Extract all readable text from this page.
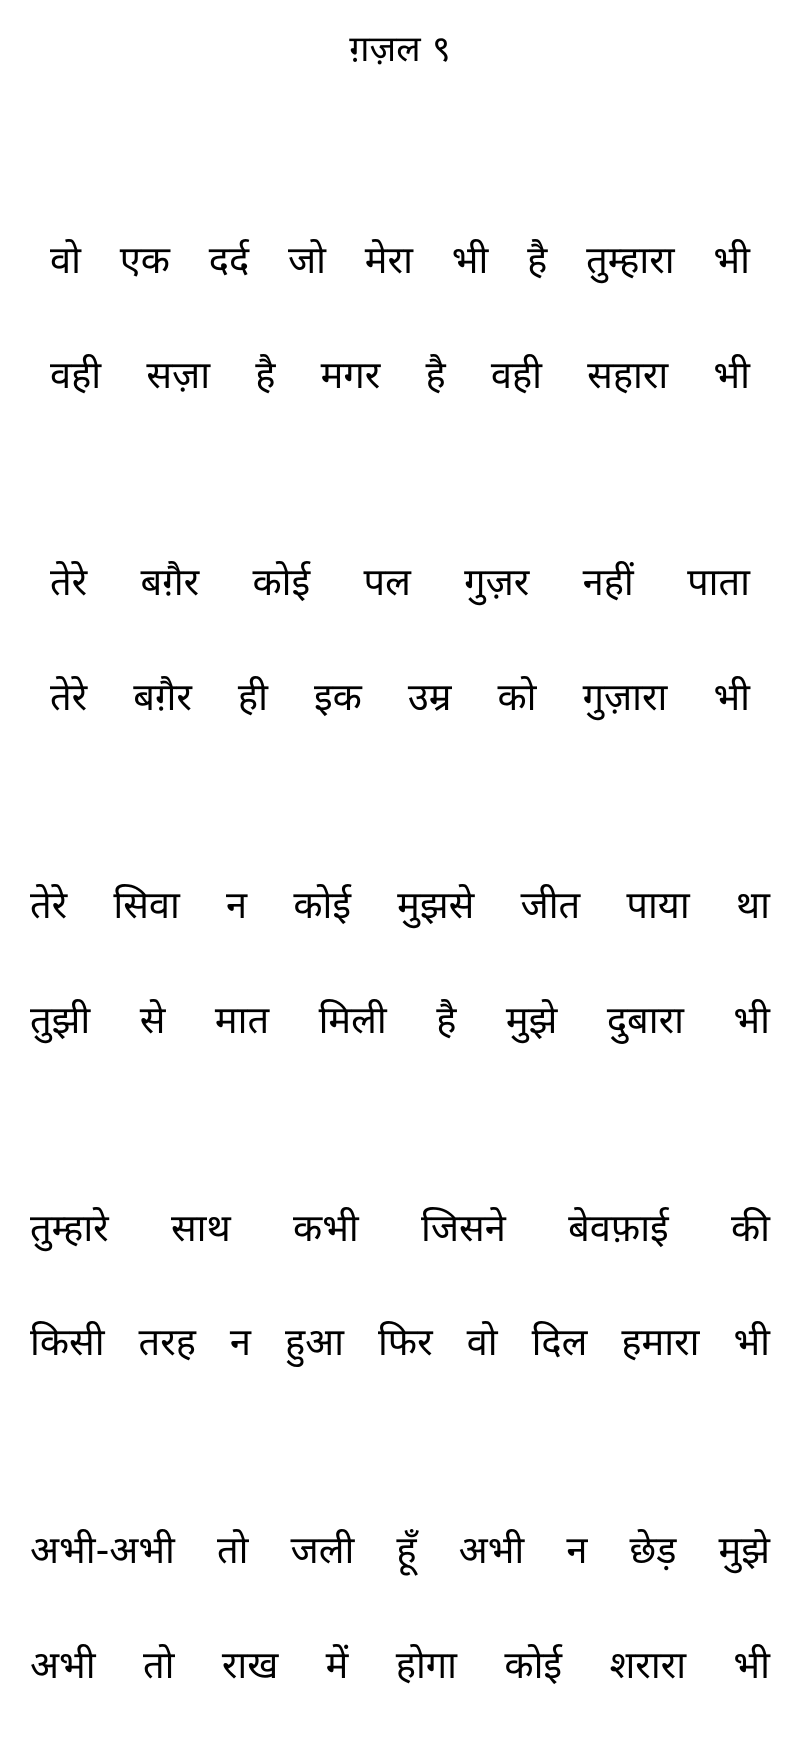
ग़ज़ल ९
वो एक दर्द जो मेरा भी है तुम्हारा भी
वही सज़ा है मगर है वही सहारा भी
तेरे बग़ैर कोई पल गुज़र नहीं पाता
तेरे बग़ैर ही इक उम्र को गुज़ारा भी
तेरे सिवा न कोई मुझसे जीत पाया था
तुझी से मात मिली है मुझे दुबारा भी
तुम्हारे साथ कभी जिसने बेवफ़ाई की
किसी तरह न हुआ फिर वो दिल हमारा भी
अभी-अभी तो जली हूँ अभी न छेड़ मुझे
अभी तो राख में होगा कोई शरारा भी
